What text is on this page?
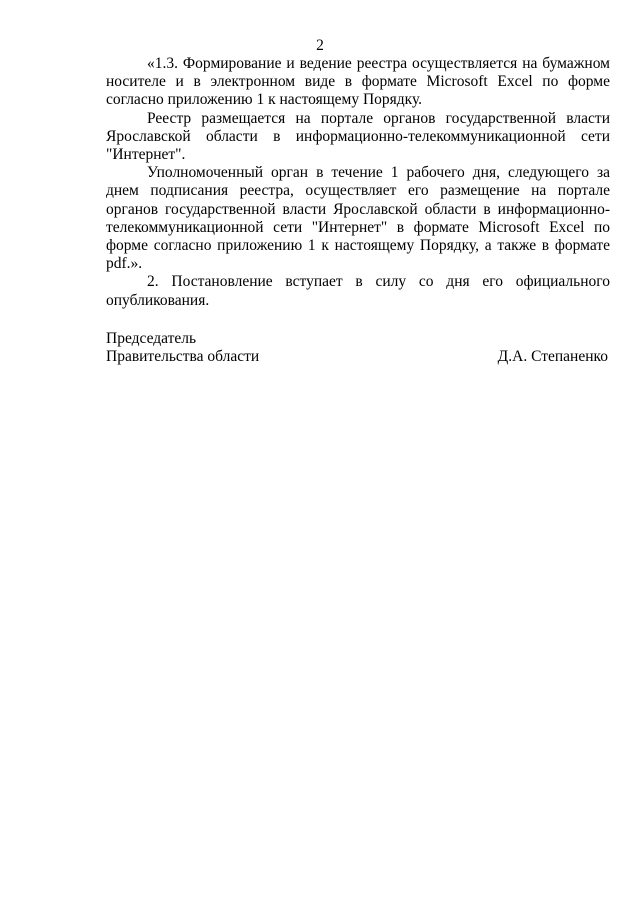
2

«1.3. Формирование и ведение реестра осуществляется на бумажном носителе и в электронном виде в формате Microsoft Excel по форме согласно приложению 1 к настоящему Порядку.

Реестр размещается на портале органов государственной власти Ярославской области в информационно-телекоммуникационной сети "Интернет".

Уполномоченный орган в течение 1 рабочего дня, следующего за днем подписания реестра, осуществляет его размещение на портале органов государственной власти Ярославской области в информационно-телекоммуникационной сети "Интернет" в формате Microsoft Excel по форме согласно приложению 1 к настоящему Порядку, а также в формате pdf.».

2. Постановление вступает в силу со дня его официального опубликования.

Председатель
Правительства области	Д.А. Степаненко
